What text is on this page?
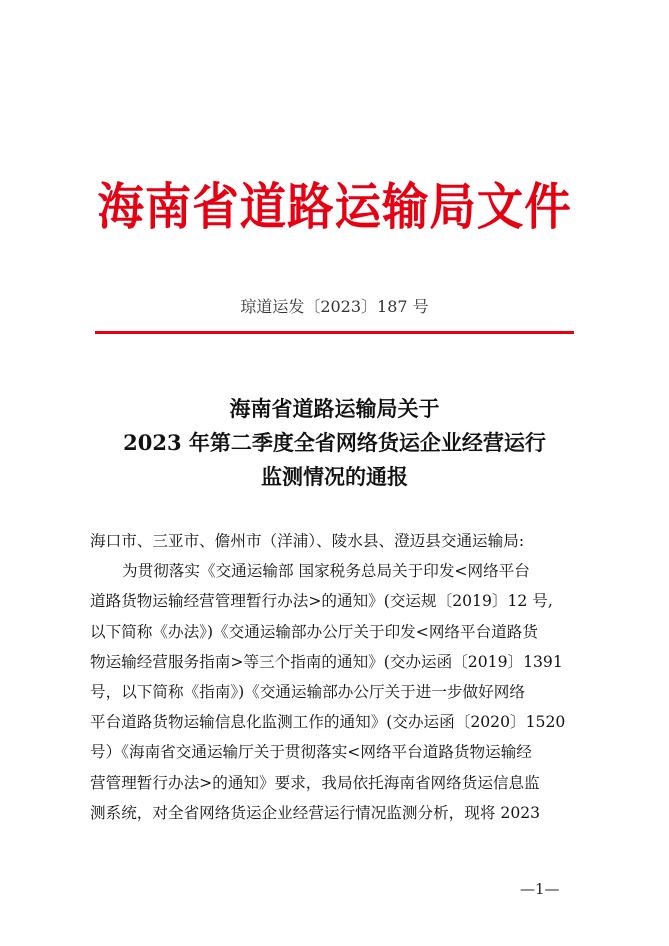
海南省道路运输局文件
琼道运发〔2023〕187 号
海南省道路运输局关于
2023 年第二季度全省网络货运企业经营运行
监测情况的通报
海口市、三亚市、儋州市（洋浦）、陵水县、澄迈县交通运输局:
为贯彻落实《交通运输部 国家税务总局关于印发<网络平台
道路货物运输经营管理暂行办法>的通知》(交运规〔2019〕12 号,
以下简称《办法》)《交通运输部办公厅关于印发<网络平台道路货
物运输经营服务指南>等三个指南的通知》(交办运函〔2019〕1391
号，以下简称《指南》)《交通运输部办公厅关于进一步做好网络
平台道路货物运输信息化监测工作的通知》(交办运函〔2020〕1520
号）《海南省交通运输厅关于贯彻落实<网络平台道路货物运输经
营管理暂行办法>的通知》要求，我局依托海南省网络货运信息监
测系统，对全省网络货运企业经营运行情况监测分析，现将 2023
—1—
